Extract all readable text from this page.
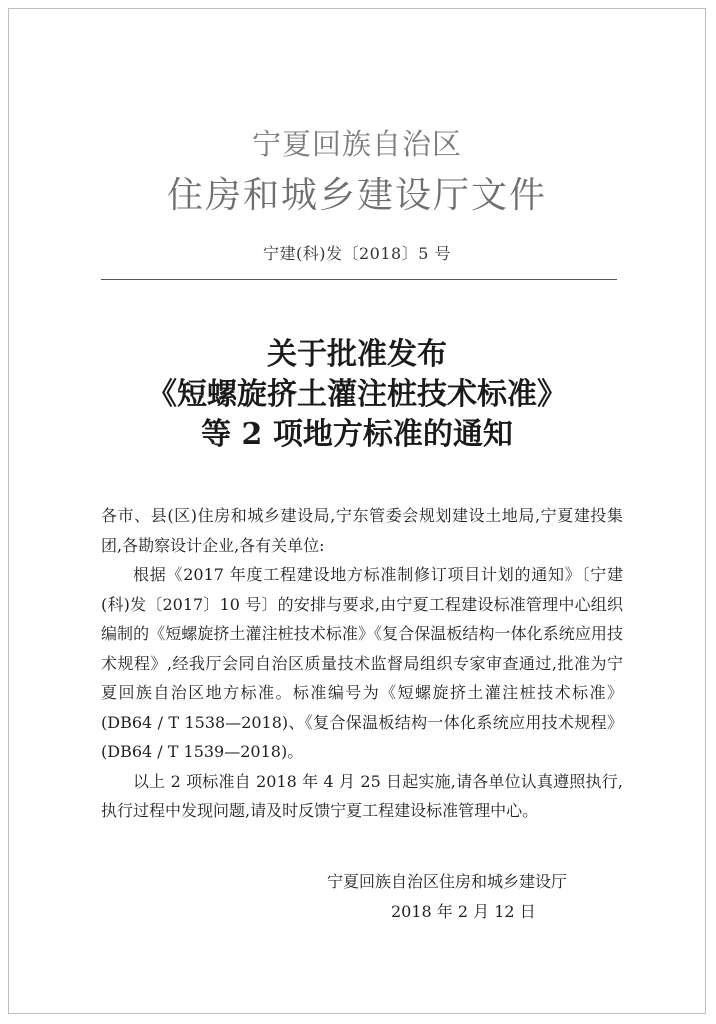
宁夏回族自治区
住房和城乡建设厅文件
宁建(科)发〔2018〕5 号
关于批准发布
《短螺旋挤土灌注桩技术标准》
等 2 项地方标准的通知

各市、县(区)住房和城乡建设局,宁东管委会规划建设土地局,宁夏建投集团,各勘察设计企业,各有关单位:

根据《2017 年度工程建设地方标准制修订项目计划的通知》〔宁建(科)发〔2017〕10 号〕的安排与要求,由宁夏工程建设标准管理中心组织编制的《短螺旋挤土灌注桩技术标准》《复合保温板结构一体化系统应用技术规程》,经我厅会同自治区质量技术监督局组织专家审查通过,批准为宁夏回族自治区地方标准。标准编号为《短螺旋挤土灌注桩技术标准》(DB64 / T 1538—2018)、《复合保温板结构一体化系统应用技术规程》(DB64 / T 1539—2018)。

以上 2 项标准自 2018 年 4 月 25 日起实施,请各单位认真遵照执行,执行过程中发现问题,请及时反馈宁夏工程建设标准管理中心。

宁夏回族自治区住房和城乡建设厅
2018 年 2 月 12 日
